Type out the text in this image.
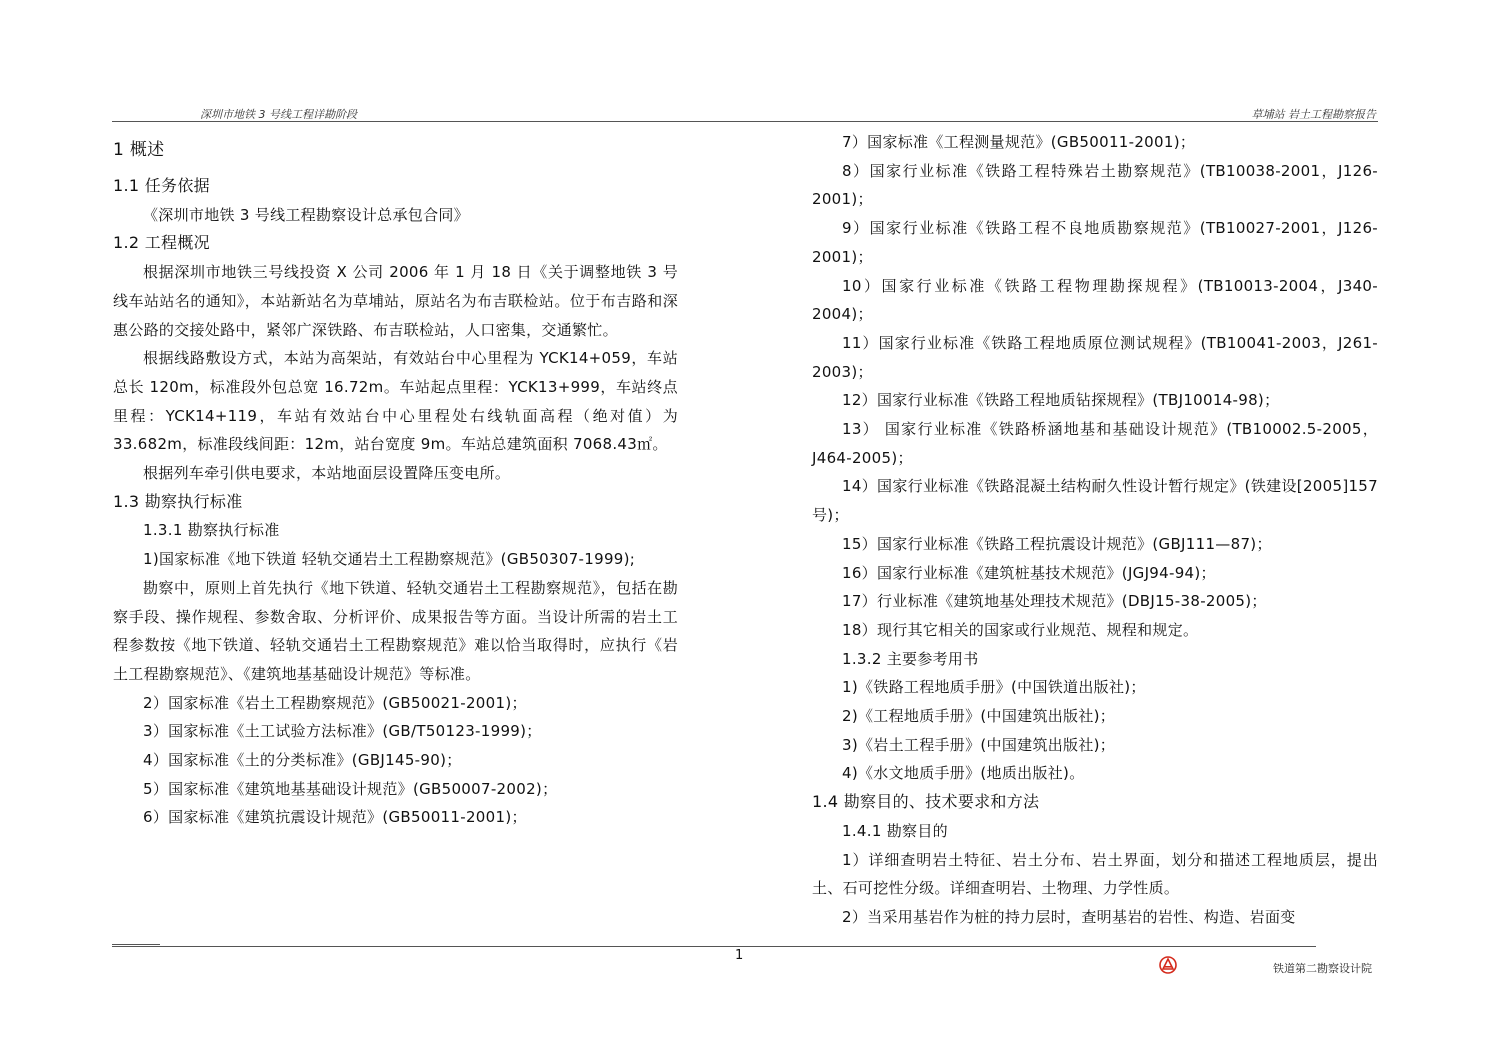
深圳市地铁 3 号线工程详勘阶段	草埔站 岩土工程勘察报告

1 概述

1.1 任务依据

《深圳市地铁 3 号线工程勘察设计总承包合同》

1.2 工程概况

根据深圳市地铁三号线投资 X 公司 2006 年 1 月 18 日《关于调整地铁 3 号线车站站名的通知》，本站新站名为草埔站，原站名为布吉联检站。位于布吉路和深惠公路的交接处路中，紧邻广深铁路、布吉联检站，人口密集，交通繁忙。

根据线路敷设方式，本站为高架站，有效站台中心里程为 YCK14+059，车站总长 120m，标准段外包总宽 16.72m。车站起点里程：YCK13+999，车站终点里程：YCK14+119，车站有效站台中心里程处右线轨面高程（绝对值）为 33.682m，标准段线间距：12m，站台宽度 9m。车站总建筑面积 7068.43㎡。

根据列车牵引供电要求，本站地面层设置降压变电所。

1.3 勘察执行标准

1.3.1 勘察执行标准

1)国家标准《地下铁道 轻轨交通岩土工程勘察规范》(GB50307-1999);

勘察中，原则上首先执行《地下铁道、轻轨交通岩土工程勘察规范》，包括在勘察手段、操作规程、参数舍取、分析评价、成果报告等方面。当设计所需的岩土工程参数按《地下铁道、轻轨交通岩土工程勘察规范》难以恰当取得时，应执行《岩土工程勘察规范》、《建筑地基基础设计规范》等标准。

2）国家标准《岩土工程勘察规范》(GB50021-2001)；

3）国家标准《土工试验方法标准》(GB/T50123-1999)；

4）国家标准《土的分类标准》(GBJ145-90)；

5）国家标准《建筑地基基础设计规范》(GB50007-2002)；

6）国家标准《建筑抗震设计规范》(GB50011-2001)；

7）国家标准《工程测量规范》(GB50011-2001)；

8）国家行业标准《铁路工程特殊岩土勘察规范》(TB10038-2001，J126-2001)；

9）国家行业标准《铁路工程不良地质勘察规范》(TB10027-2001，J126-2001)；

10）国家行业标准《铁路工程物理勘探规程》(TB10013-2004，J340-2004)；

11）国家行业标准《铁路工程地质原位测试规程》(TB10041-2003，J261-2003)；

12）国家行业标准《铁路工程地质钻探规程》(TBJ10014-98)；

13） 国家行业标准《铁路桥涵地基和基础设计规范》(TB10002.5-2005，J464-2005)；

14）国家行业标准《铁路混凝土结构耐久性设计暂行规定》(铁建设[2005]157 号)；

15）国家行业标准《铁路工程抗震设计规范》(GBJ111—87)；

16）国家行业标准《建筑桩基技术规范》(JGJ94-94)；

17）行业标准《建筑地基处理技术规范》(DBJ15-38-2005)；

18）现行其它相关的国家或行业规范、规程和规定。

1.3.2 主要参考用书

1)《铁路工程地质手册》(中国铁道出版社)；

2)《工程地质手册》(中国建筑出版社)；

3)《岩土工程手册》(中国建筑出版社)；

4)《水文地质手册》(地质出版社)。

1.4 勘察目的、技术要求和方法

1.4.1 勘察目的

1）详细查明岩土特征、岩土分布、岩土界面，划分和描述工程地质层，提出土、石可挖性分级。详细查明岩、土物理、力学性质。

2）当采用基岩作为桩的持力层时，查明基岩的岩性、构造、岩面变

1
铁道第二勘察设计院
